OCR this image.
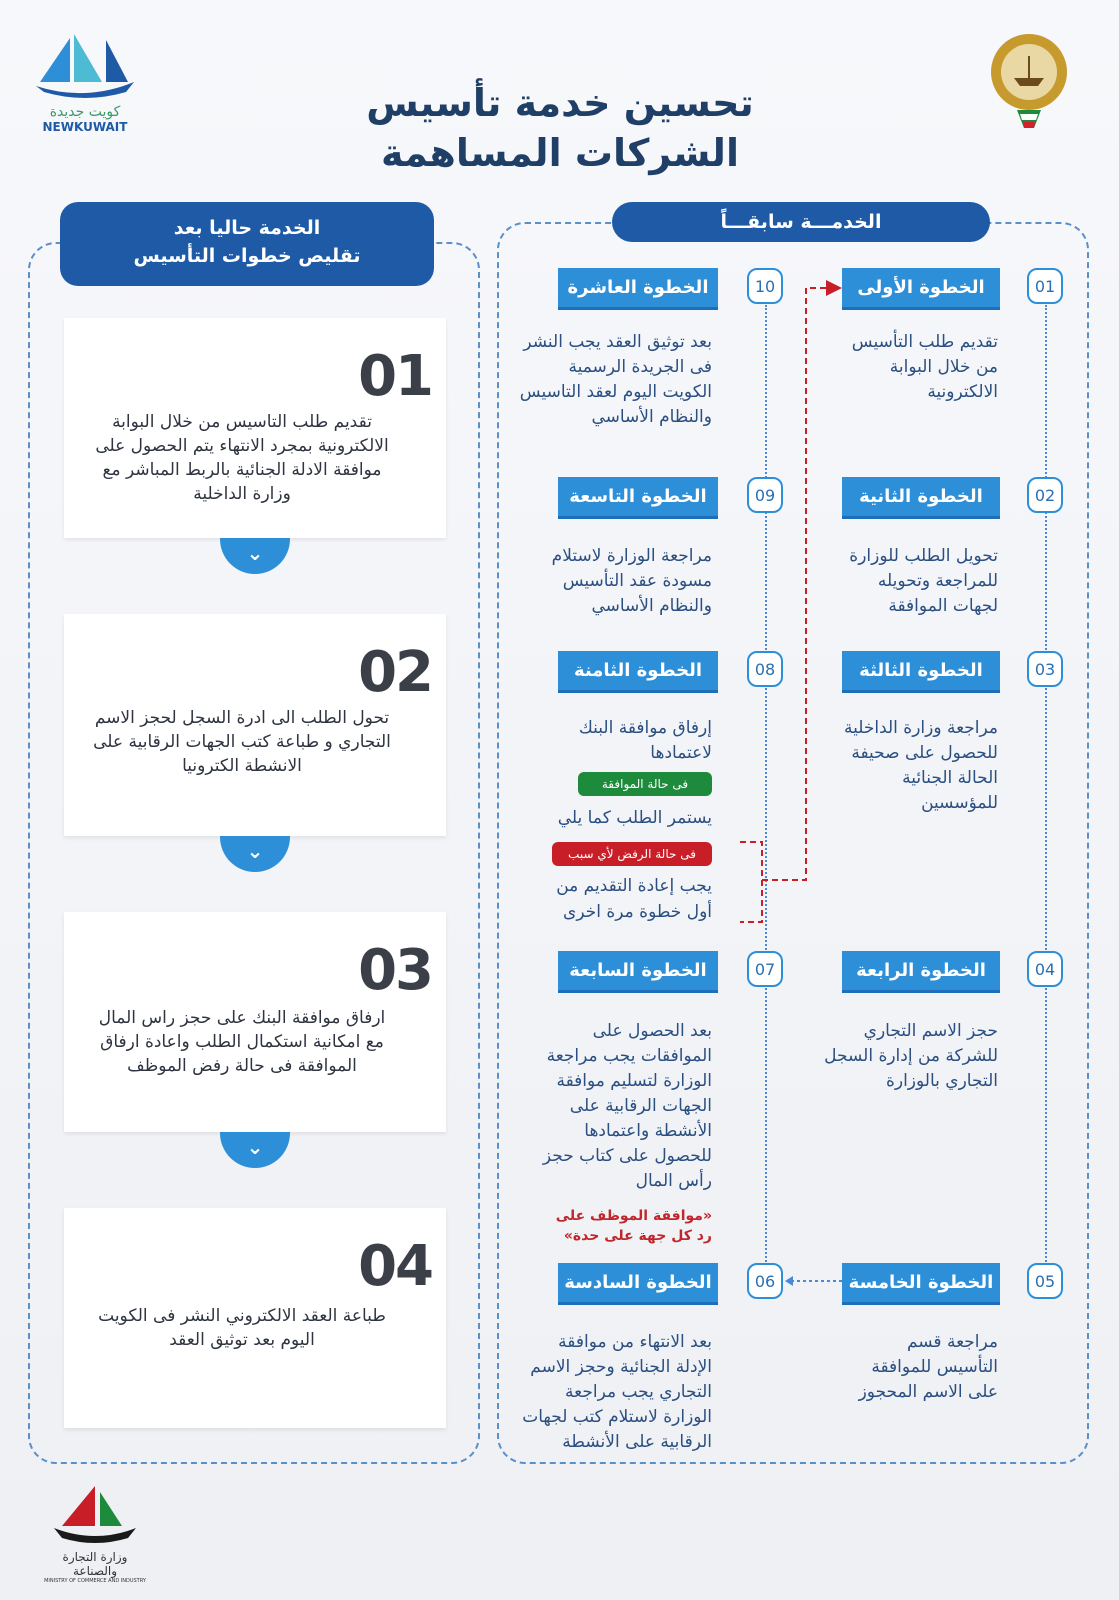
كويت جديدة
NEWKUWAIT
تحسين خدمة تأسيس
الشركات المساهمة
الخدمة حاليا بعد
تقليص خطوات التأسيس
01
تقديم طلب التاسيس من خلال البوابة الالكترونية بمجرد الانتهاء يتم الحصول على موافقة الادلة الجنائية بالربط المباشر مع وزارة الداخلية
⌄
02
تحول الطلب الى ادرة السجل لحجز الاسم التجاري و طباعة كتب الجهات الرقابية على الانشطة الكترونيا
⌄
03
ارفاق موافقة البنك على حجز راس المال مع امكانية استكمال الطلب واعادة ارفاق الموافقة فى حالة رفض الموظف
⌄
04
طباعة العقد الالكتروني النشر فى الكويت اليوم بعد توثيق العقد
الخدمـــة سابقـــاً
01
02
03
04
05
10
09
08
07
06
الخطوة الأولى
الخطوة الثانية
الخطوة الثالثة
الخطوة الرابعة
الخطوة الخامسة
الخطوة العاشرة
الخطوة التاسعة
الخطوة الثامنة
الخطوة السابعة
الخطوة السادسة
تقديم طلب التأسيس من خلال البوابة الالكترونية
تحويل الطلب للوزارة للمراجعة وتحويله لجهات الموافقة
مراجعة وزارة الداخلية للحصول على صحيفة الحالة الجنائية للمؤسسين
حجز الاسم التجاري للشركة من إدارة السجل التجاري بالوزارة
مراجعة قسم التأسيس للموافقة على الاسم المحجوز
بعد توثيق العقد يجب النشر فى الجريدة الرسمية الكويت اليوم لعقد التاسيس والنظام الأساسي
مراجعة الوزارة لاستلام مسودة عقد التأسيس والنظام الأساسي
إرفاق موافقة البنك لاعتمادها
بعد الحصول على الموافقات يجب مراجعة الوزارة لتسليم موافقة الجهات الرقابية على الأنشطة واعتمادها للحصول على كتاب حجز رأس المال
بعد الانتهاء من موافقة الإدلة الجنائية وحجز الاسم التجاري يجب مراجعة الوزارة لاستلام كتب لجهات الرقابية على الأنشطة
فى حالة الموافقة
يستمر الطلب كما يلي
فى حالة الرفض لأي سبب
يجب إعادة التقديم من
أول خطوة مرة اخرى
«موافقة الموظف على
رد كل جهة على حدة»
وزارة التجارة والصناعة
MINISTRY OF COMMERCE AND INDUSTRY
